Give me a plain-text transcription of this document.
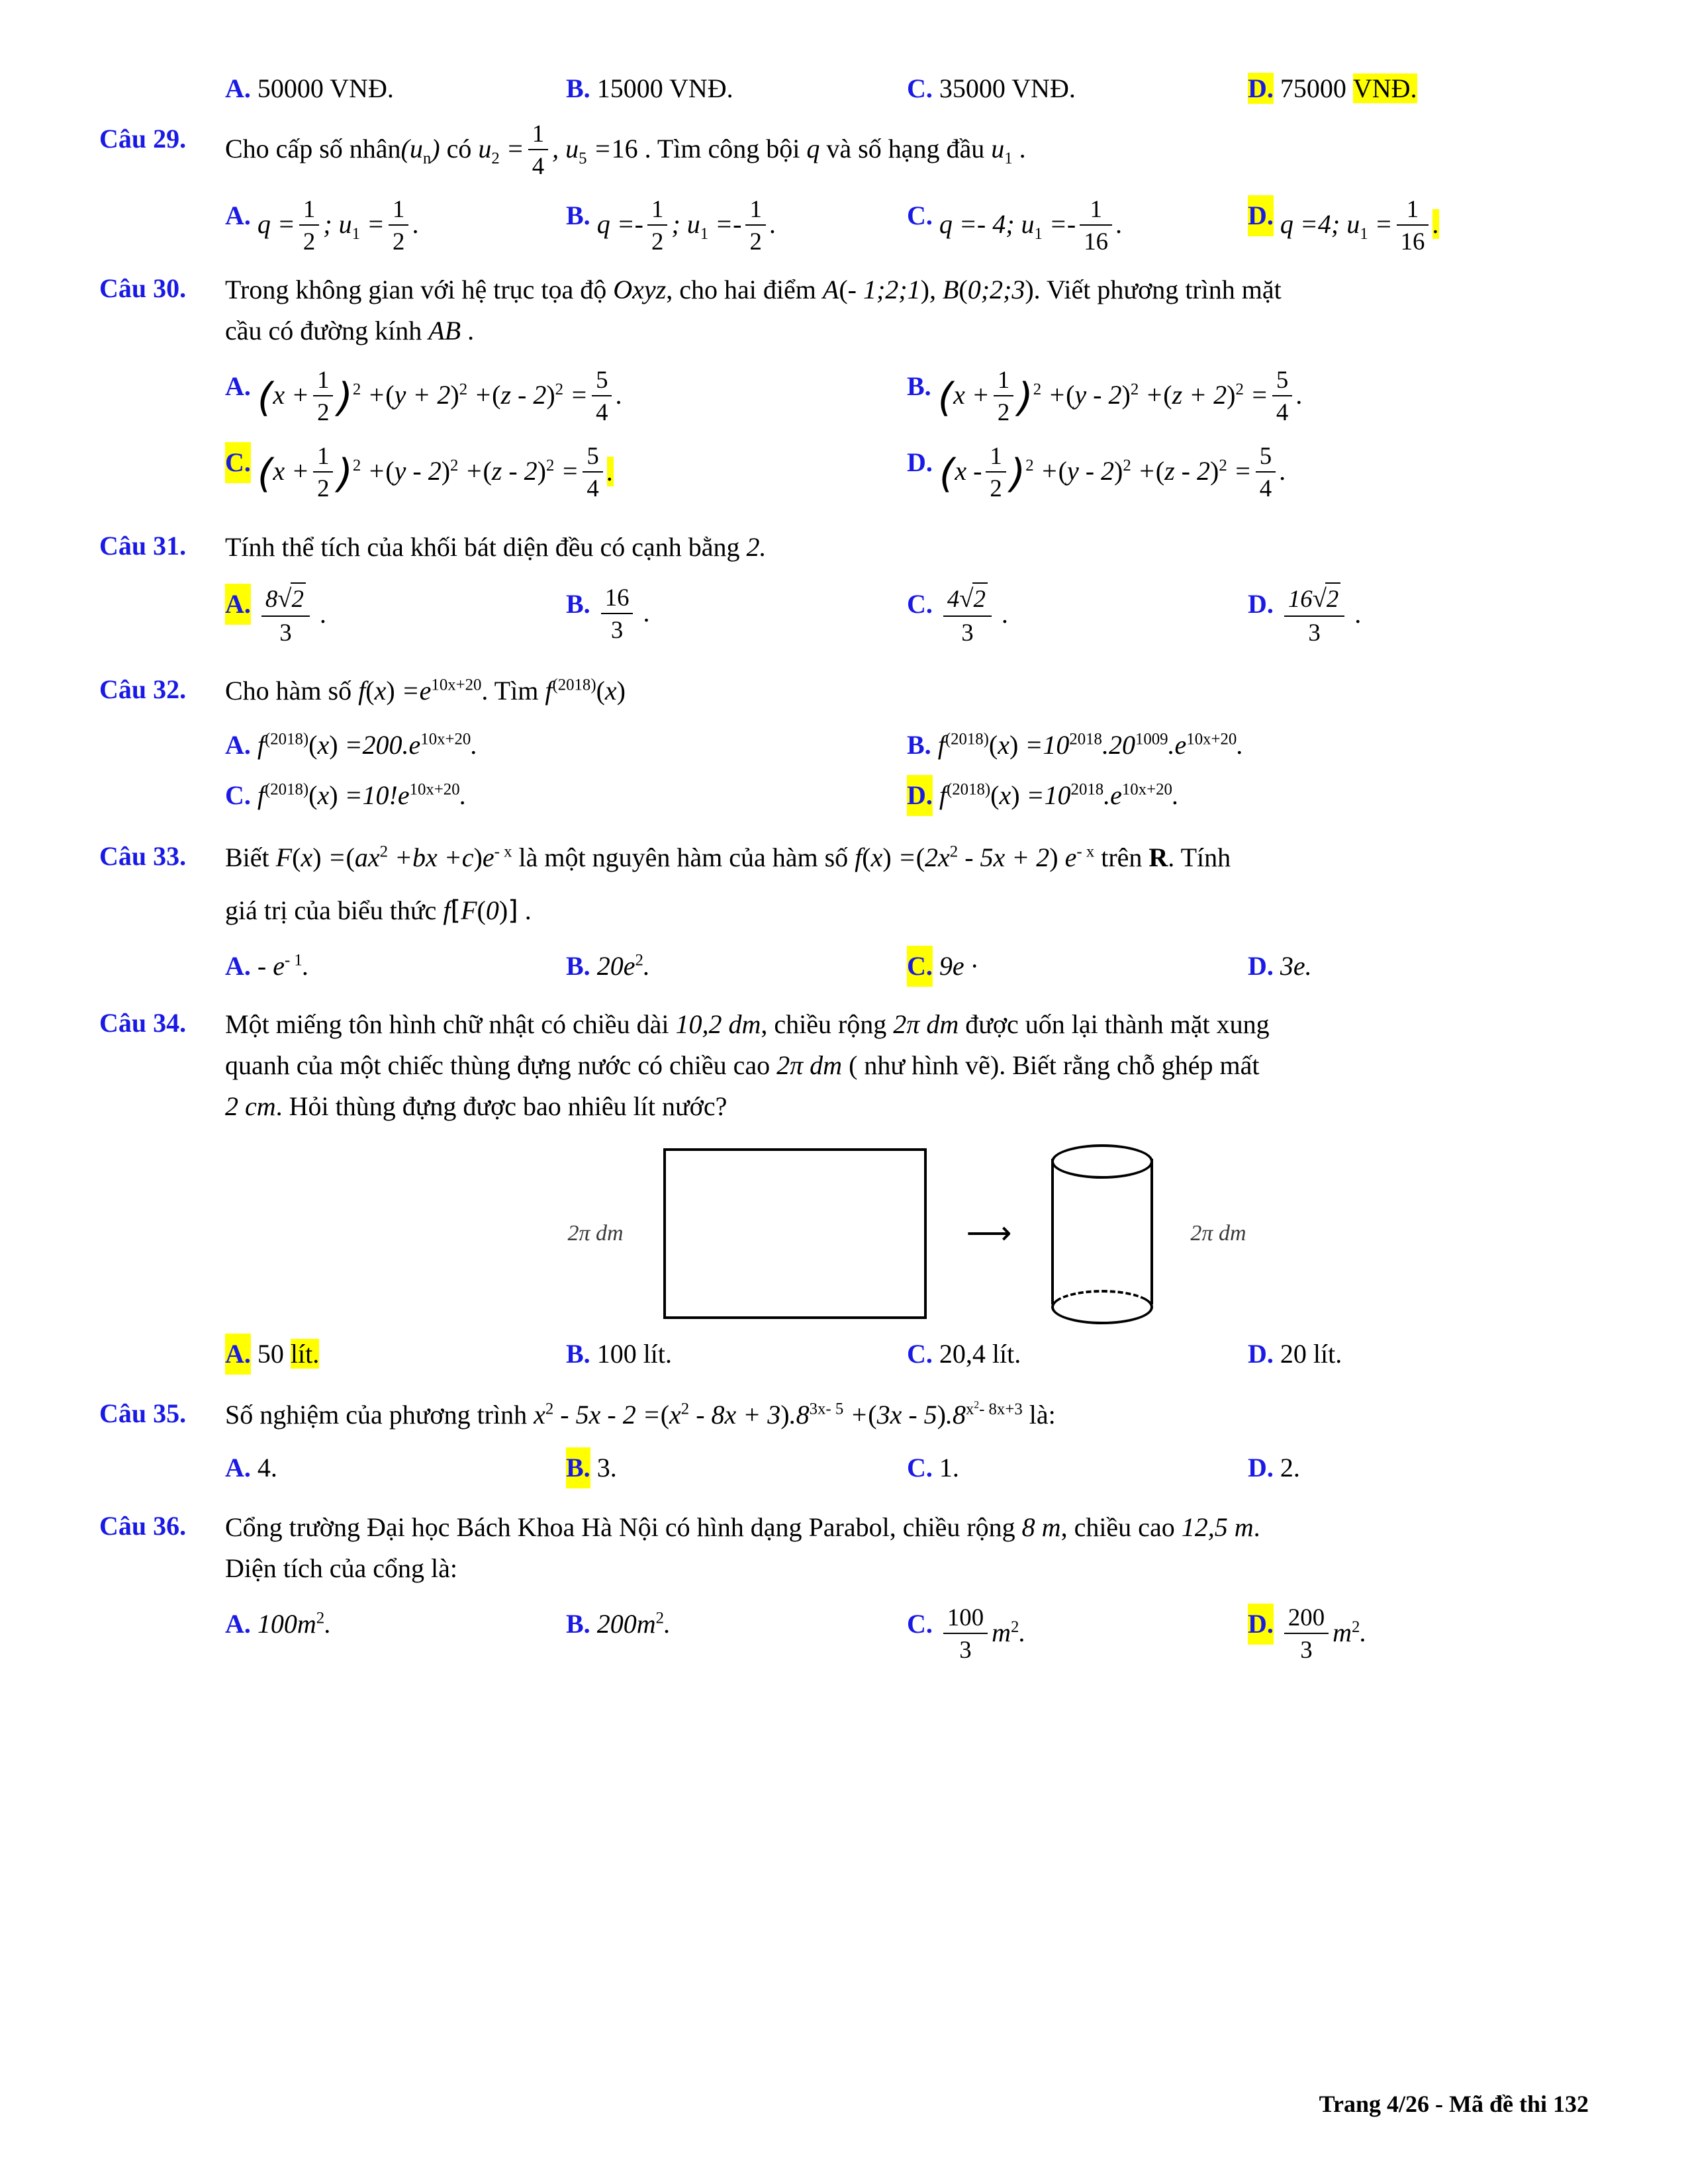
A. 50000 VNĐ.	B. 15000 VNĐ.	C. 35000 VNĐ.	D. 75000 VNĐ.
Câu 29.	Cho cấp số $nhân(u_n)$ có $u_2 = \frac{1}{4}$ , $u_5 =16$ . Tìm công bội q và số hạng đầu $u_1$ .
A. $q = \frac{1}{2}$ ; $u_1 = \frac{1}{2}$ .	B. $q =- \frac{1}{2}$ ; $u_1 =- \frac{1}{2}$ .	C. q =- 4; $u_1 =- \frac{1}{16}$ .	D. q =4; $u_1 = \frac{1}{16}$ .
Câu 30.	Trong không gian với hệ trục tọa độ Oxyz, cho hai điểm A(- 1;2;1), B(0;2;3). Viết phương trình mặt
cầu có đường kính AB .
A. $(x + \frac{1}{2} )^2 +(y + 2)^2 +(z - 2)^2 = \frac{5}{4}$ .	B. $(x + \frac{1}{2} )^2 +(y - 2)^2 +(z + 2)^2 = \frac{5}{4}$ .
C. $(x + \frac{1}{2} )^2 +(y - 2)^2 +(z - 2)^2 = \frac{5}{4}$ .	D. $(x - \frac{1}{2} )^2 +(y - 2)^2 +(z - 2)^2 = \frac{5}{4}$ .
Câu 31.	Tính thể tích của khối bát diện đều có cạnh bằng 2.
A. $\frac{8√2}{3}$ .	B. $\frac{16}{3}$ .	C. $\frac{4√2}{3}$ .	D. $\frac{16√2}{3}$ .
Câu 32.	Cho hàm số $f(x) =e^{10x+20}$. Tìm $f^{(2018)}(x)$
A. $f^{(2018)}(x) =200.e^{10x+20}$.	B. $f^{(2018)}(x) =10^{2018}.20^{1009}.e^{10x+20}$.
C. $f^{(2018)}(x) =10!e^{10x+20}$.	D. $f^{(2018)}(x) =10^{2018}.e^{10x+20}$.
Câu 33.	Biết $F(x) =(ax^2 +bx +c)e^{- x}$ là một nguyên hàm của hàm số $f(x) =(2x^2 - 5x + 2)$ $e^{- x}$ trên R. Tính
giá trị của biểu thức f[F(0)] .
A. - $e^{- 1}$.	B. $20e^2$.	C. 9e ·	D. 3e.
Câu 34.	Một miếng tôn hình chữ nhật có chiều dài 10,2 dm, chiều rộng 2π dm được uốn lại thành mặt xung
quanh của một chiếc thùng đựng nước có chiều cao 2π dm ( như hình vẽ). Biết rằng chỗ ghép mất
2 cm. Hỏi thùng đựng được bao nhiêu lít nước?
2π dm	⟶	2π dm
A. 50 lít.	B. 100 lít.	C. 20,4 lít.	D. 20 lít.
Câu 35.	Số nghiệm của phương trình $x^2 - 5x - 2 =(x^2 - 8x + 3).8^{3x- 5} +(3x - 5).8^{x^2- 8x+3}$ là:
A. 4.	B. 3.	C. 1.	D. 2.
Câu 36.	Cổng trường Đại học Bách Khoa Hà Nội có hình dạng Parabol, chiều rộng 8 m, chiều cao 12,5 m.
Diện tích của cổng là:
A. $100m^2$.	B. $200m^2$.	C. $\frac{100}{3} m^2$.	D. $\frac{200}{3} m^2$.
Trang 4/26 - Mã đề thi 132
